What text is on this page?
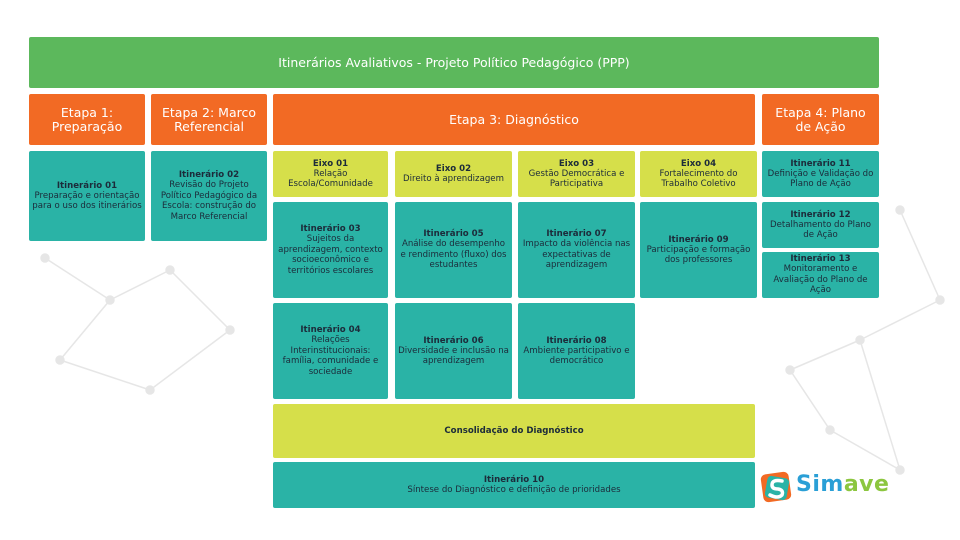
Itinerários Avaliativos - Projeto Político Pedagógico (PPP)
Etapa 1: Preparação
Etapa 2: Marco Referencial	Etapa 3: Diagnóstico	Etapa 4: Plano de Ação
Itinerário 01
Preparação e orientação para o uso dos itinerários
Itinerário 02
Revisão do Projeto Político Pedagógico da Escola: construção do Marco Referencial
Eixo 01
Relação Escola/Comunidade
Eixo 02
Direito à aprendizagem
Eixo 03
Gestão Democrática e Participativa
Eixo 04
Fortalecimento do Trabalho Coletivo
Itinerário 03
Sujeitos da aprendizagem, contexto socioeconômico e territórios escolares
Itinerário 05
Análise do desempenho e rendimento (fluxo) dos estudantes
Itinerário 07
Impacto da violência nas expectativas de aprendizagem
Itinerário 09
Participação e formação dos professores
Itinerário 04
Relações Interinstitucionais: família, comunidade e sociedade
Itinerário 06
Diversidade e inclusão na aprendizagem
Itinerário 08
Ambiente participativo e democrático
Consolidação do Diagnóstico
Itinerário 10
Síntese do Diagnóstico e definição de prioridades
Itinerário 11
Definição e Validação do Plano de Ação
Itinerário 12
Detalhamento do Plano de Ação
Itinerário 13
Monitoramento e Avaliação do Plano de Ação
Simave
